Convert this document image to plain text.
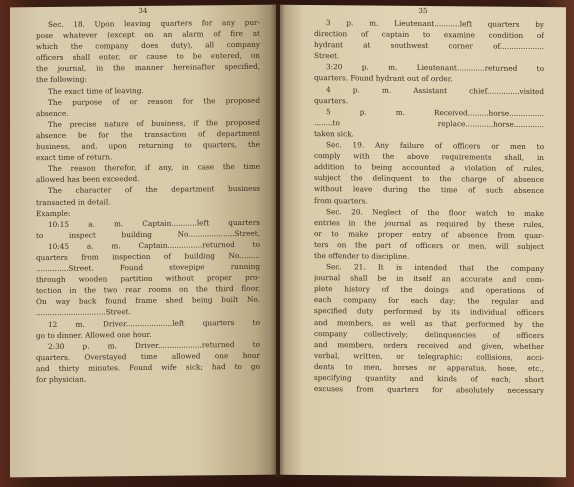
34
Sec. 18. Upon leaving quarters for any pur-
pose whatever (except on an alarm of fire at
which the company does duty), all company
officers shall enter, or cause to be entered, on
the journal, in the manner hereinafter specified,
the following:
The exact time of leaving.
The purpose of or reason for the proposed
absence.
The precise nature of business, if the proposed
absence be for the transaction of department
business, and, upon returning to quarters, the
exact time of return.
The reason therefor, if any, in case the time
allowed has been exceeded.
The character of the department business
transacted in detail.
Example:
10:15 a. m. Captain...........left quarters
to inspect building No....................Street.
10:45 a. m. Captain...............returned to
quarters from inspection of building No.........
..............Street. Found stovepipe running
through wooden partition without proper pro-
tection in the two rear rooms on the third floor.
On way back found frame shed being built No.
..............................Street.
12 m. Driver....................left quarters to
go to dinner. Allowed one hour.
2:30 p. m. Driver...................returned to
quarters. Overstayed time allowed one hour
and thirty minutes. Found wife sick; had to go
for physician.
35
3 p. m. Lieutenant...........left quarters by
direction of captain to examine condition of
hydrant at southwest corner of...................
Street.
3:20 p. m. Lieutenant............returned to
quarters. Found hydrant out of order.
4 p. m. Assistant chief..............visited
quarters.
5 p. m. Received.........horse...............
........to replace............horse.............
taken sick.
Sec. 19. Any failure of officers or men to
comply with the above requirements shall, in
addition to being accounted a violation of rules,
subject the delinquent to the charge of absence
without leave during the time of such absence
from quarters.
Sec. 20. Neglect of the floor watch to make
entries in the journal as required by these rules,
or to make proper entry of absence from quar-
ters on the part of officers or men, will subject
the offender to discipline.
Sec. 21. It is intended that the company
journal shall be in itself an accurate and com-
plete history of the doings and operations of
each company for each day; the regular and
specified duty performed by its individual officers
and members, as well as that performed by the
company collectively; delinquencies of officers
and members, orders received and given, whether
verbal, written, or telegraphic; collisions, acci-
dents to men, horses or apparatus, hose, etc.,
specifying quantity and kinds of each; short
excuses from quarters for absolutely necessary
